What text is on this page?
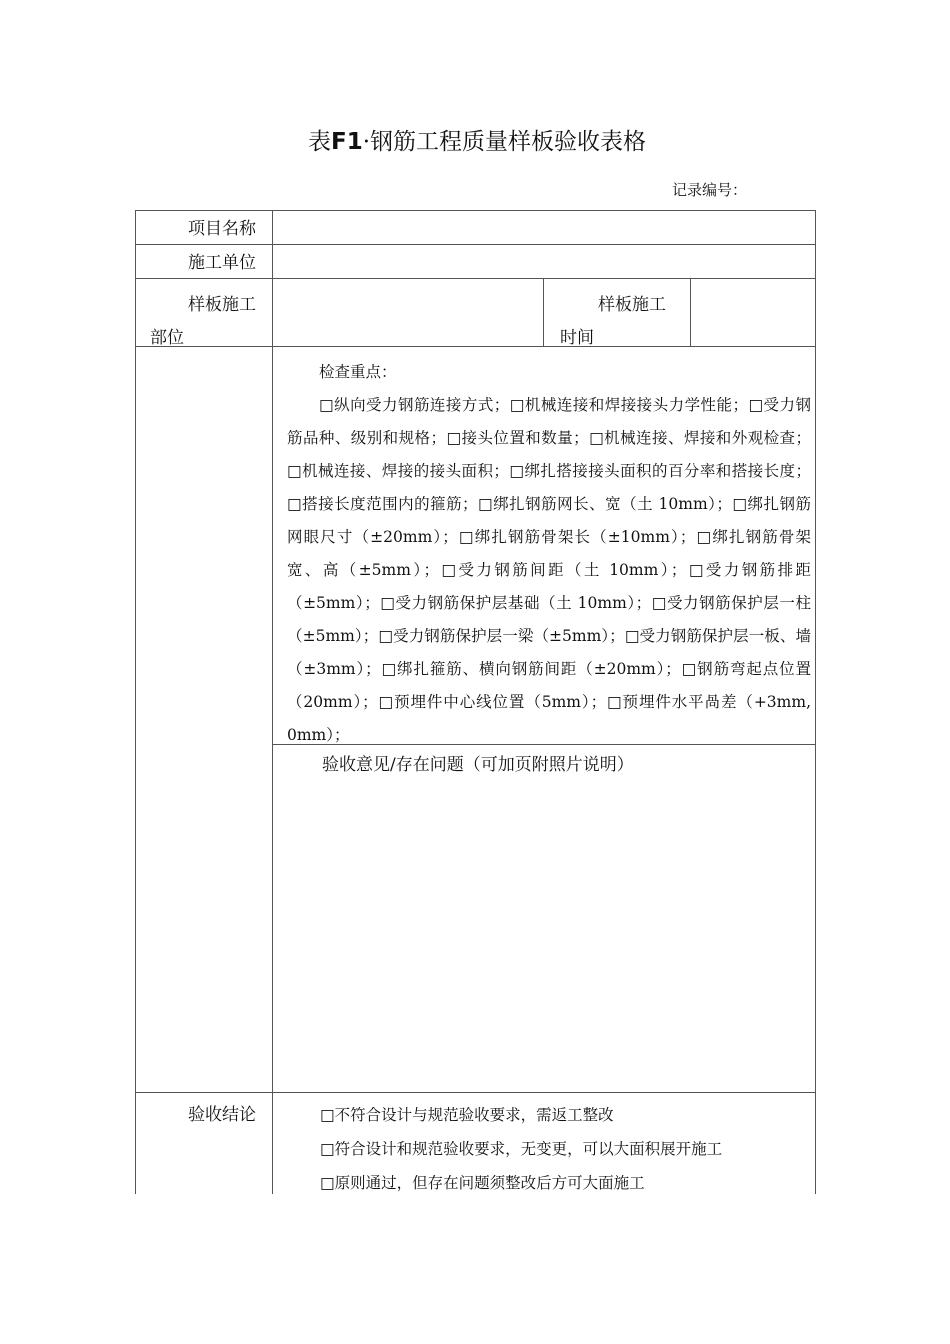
表F1·钢筋工程质量样板验收表格
记录编号：
项目名称
施工单位
样板施工
部位
样板施工
时间

检查重点：

□纵向受力钢筋连接方式；□机械连接和焊接接头力学性能；□受力钢筋品种、级别和规格；□接头位置和数量；□机械连接、焊接和外观检查；□机械连接、焊接的接头面积；□绑扎搭接接头面积的百分率和搭接长度；□搭接长度范围内的箍筋；□绑扎钢筋网长、宽（土 10mm）；□绑扎钢筋网眼尺寸（±20mm）；□绑扎钢筋骨架长（±10mm）；□绑扎钢筋骨架宽、高（±5mm）；□受力钢筋间距（土 10mm）；□受力钢筋排距（±5mm）；□受力钢筋保护层基础（土 10mm）；□受力钢筋保护层一柱（±5mm）；□受力钢筋保护层一梁（±5mm）；□受力钢筋保护层一板、墙（±3mm）；□绑扎箍筋、横向钢筋间距（±20mm）；□钢筋弯起点位置（20mm）；□预埋件中心线位置（5mm）；□预埋件水平咼差（+3mm, 0mm）；

验收意见/存在问题（可加页附照片说明）
验收结论	□不符合设计与规范验收要求，需返工整改
□符合设计和规范验收要求，无变更，可以大面积展开施工
□原则通过，但存在问题须整改后方可大面施工
